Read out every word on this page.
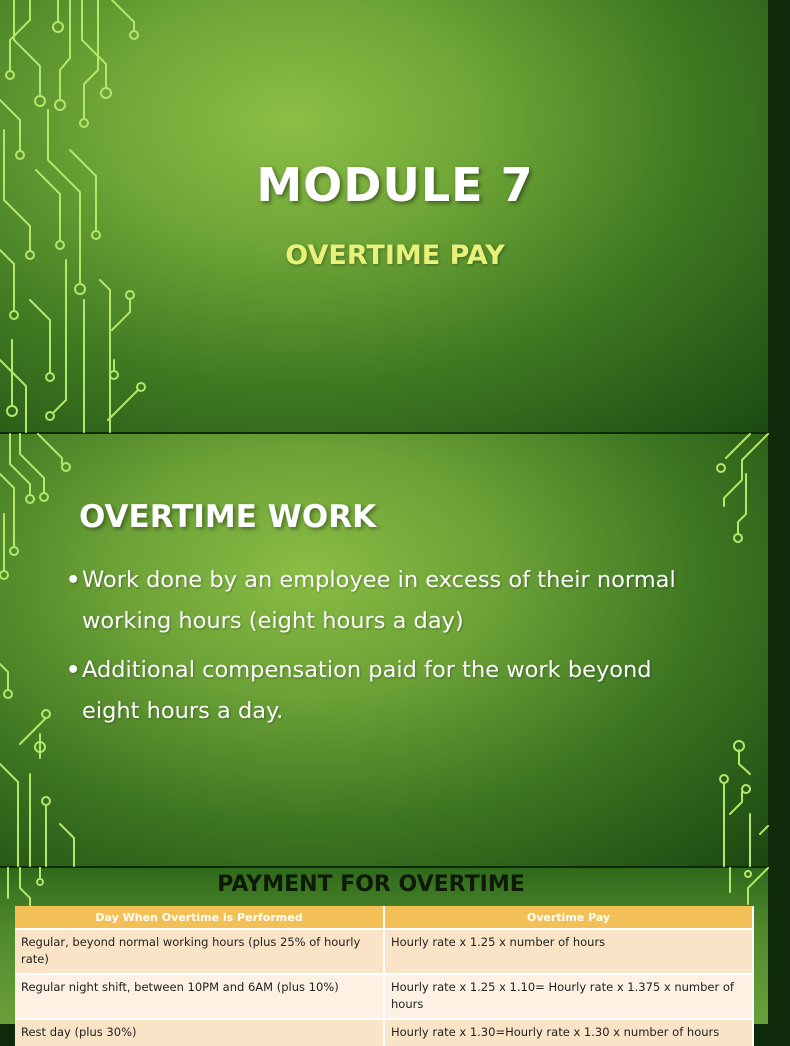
MODULE 7
OVERTIME PAY
OVERTIME WORK
• Work done by an employee in excess of their normal working hours (eight hours a day)
• Additional compensation paid for the work beyond eight hours a day.
PAYMENT FOR OVERTIME
Day When Overtime is Performed	Overtime Pay
Regular, beyond normal working hours (plus 25% of hourly rate)	Hourly rate x 1.25 x number of hours
Regular night shift, between 10PM and 6AM (plus 10%)	Hourly rate x 1.25 x 1.10= Hourly rate x 1.375 x number of hours
Rest day (plus 30%)	Hourly rate x 1.30=Hourly rate x 1.30 x number of hours
